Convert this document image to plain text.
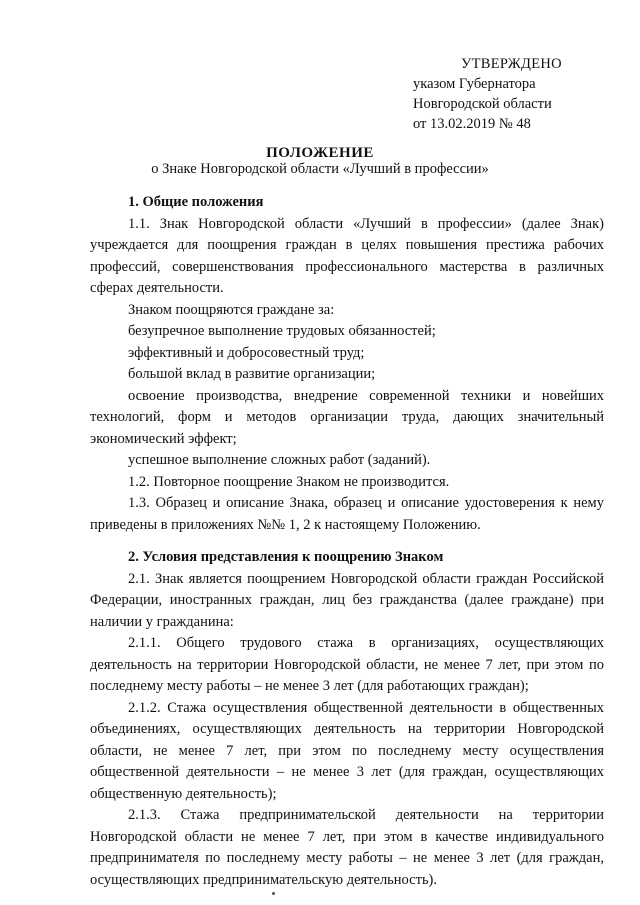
УТВЕРЖДЕНО
указом Губернатора
Новгородской области
от 13.02.2019 № 48
ПОЛОЖЕНИЕ
о Знаке Новгородской области «Лучший в профессии»

1. Общие положения

1.1. Знак Новгородской области «Лучший в профессии» (далее Знак) учреждается для поощрения граждан в целях повышения престижа рабочих профессий, совершенствования профессионального мастерства в различных сферах деятельности.

Знаком поощряются граждане за:

безупречное выполнение трудовых обязанностей;

эффективный и добросовестный труд;

большой вклад в развитие организации;

освоение производства, внедрение современной техники и новейших технологий, форм и методов организации труда, дающих значительный экономический эффект;

успешное выполнение сложных работ (заданий).

1.2. Повторное поощрение Знаком не производится.

1.3. Образец и описание Знака, образец и описание удостоверения к нему приведены в приложениях №№ 1, 2 к настоящему Положению.

2. Условия представления к поощрению Знаком

2.1. Знак является поощрением Новгородской области граждан Российской Федерации, иностранных граждан, лиц без гражданства (далее граждане) при наличии у гражданина:

2.1.1. Общего трудового стажа в организациях, осуществляющих деятельность на территории Новгородской области, не менее 7 лет, при этом по последнему месту работы – не менее 3 лет (для работающих граждан);

2.1.2. Стажа осуществления общественной деятельности в общественных объединениях, осуществляющих деятельность на территории Новгородской области, не менее 7 лет, при этом по последнему месту осуществления общественной деятельности – не менее 3 лет (для граждан, осуществляющих общественную деятельность);

2.1.3. Стажа предпринимательской деятельности на территории Новгородской области не менее 7 лет, при этом в качестве индивидуального предпринимателя по последнему месту работы – не менее 3 лет (для граждан, осуществляющих предпринимательскую деятельность).
